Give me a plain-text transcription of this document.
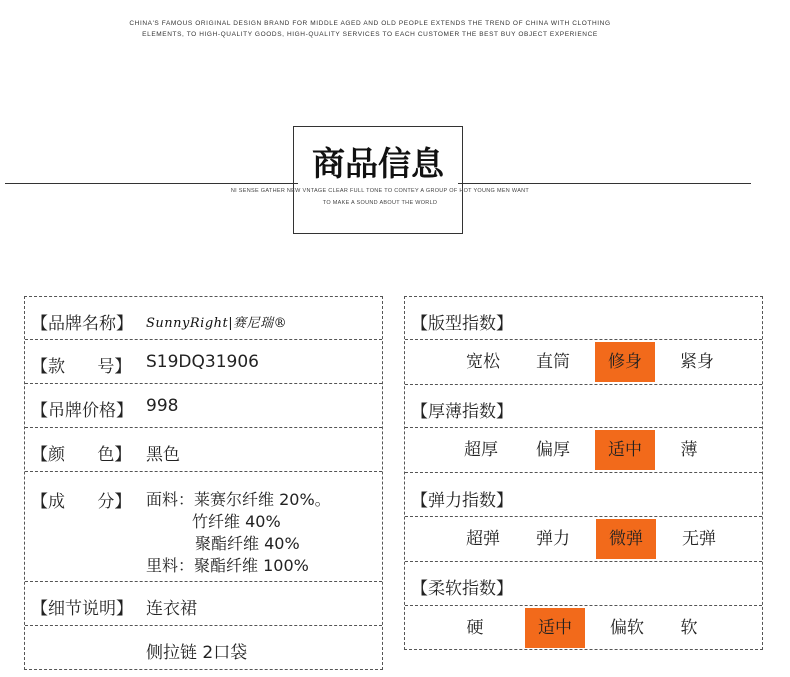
CHINA'S FAMOUS ORIGINAL DESIGN BRAND FOR MIDDLE AGED AND OLD PEOPLE EXTENDS THE TREND OF CHINA WITH CLOTHING
ELEMENTS, TO HIGH-QUALITY GOODS, HIGH-QUALITY SERVICES TO EACH CUSTOMER THE BEST BUY OBJECT EXPERIENCE
商品信息
NI SENSE GATHER NEW VNTAGE CLEAR FULL TONE TO CONTEY A GROUP OF HOT YOUNG MEN WANT
TO MAKE A SOUND ABOUT THE WORLD
【品牌名称】 SunnyRight|赛尼瑞®
【款      号】 S19DQ31906
【吊牌价格】 998
【颜      色】 黑色
【成      分】 面料：莱赛尔纤维 20%。
竹纤维 40%
聚酯纤维 40%
里料：聚酯纤维 100%
【细节说明】 连衣裙
侧拉链 2口袋
【版型指数】
宽松	直筒	修身	紧身
【厚薄指数】
超厚	偏厚	适中	薄
【弹力指数】
超弹	弹力	微弹	无弹
【柔软指数】
硬	适中	偏软	软
